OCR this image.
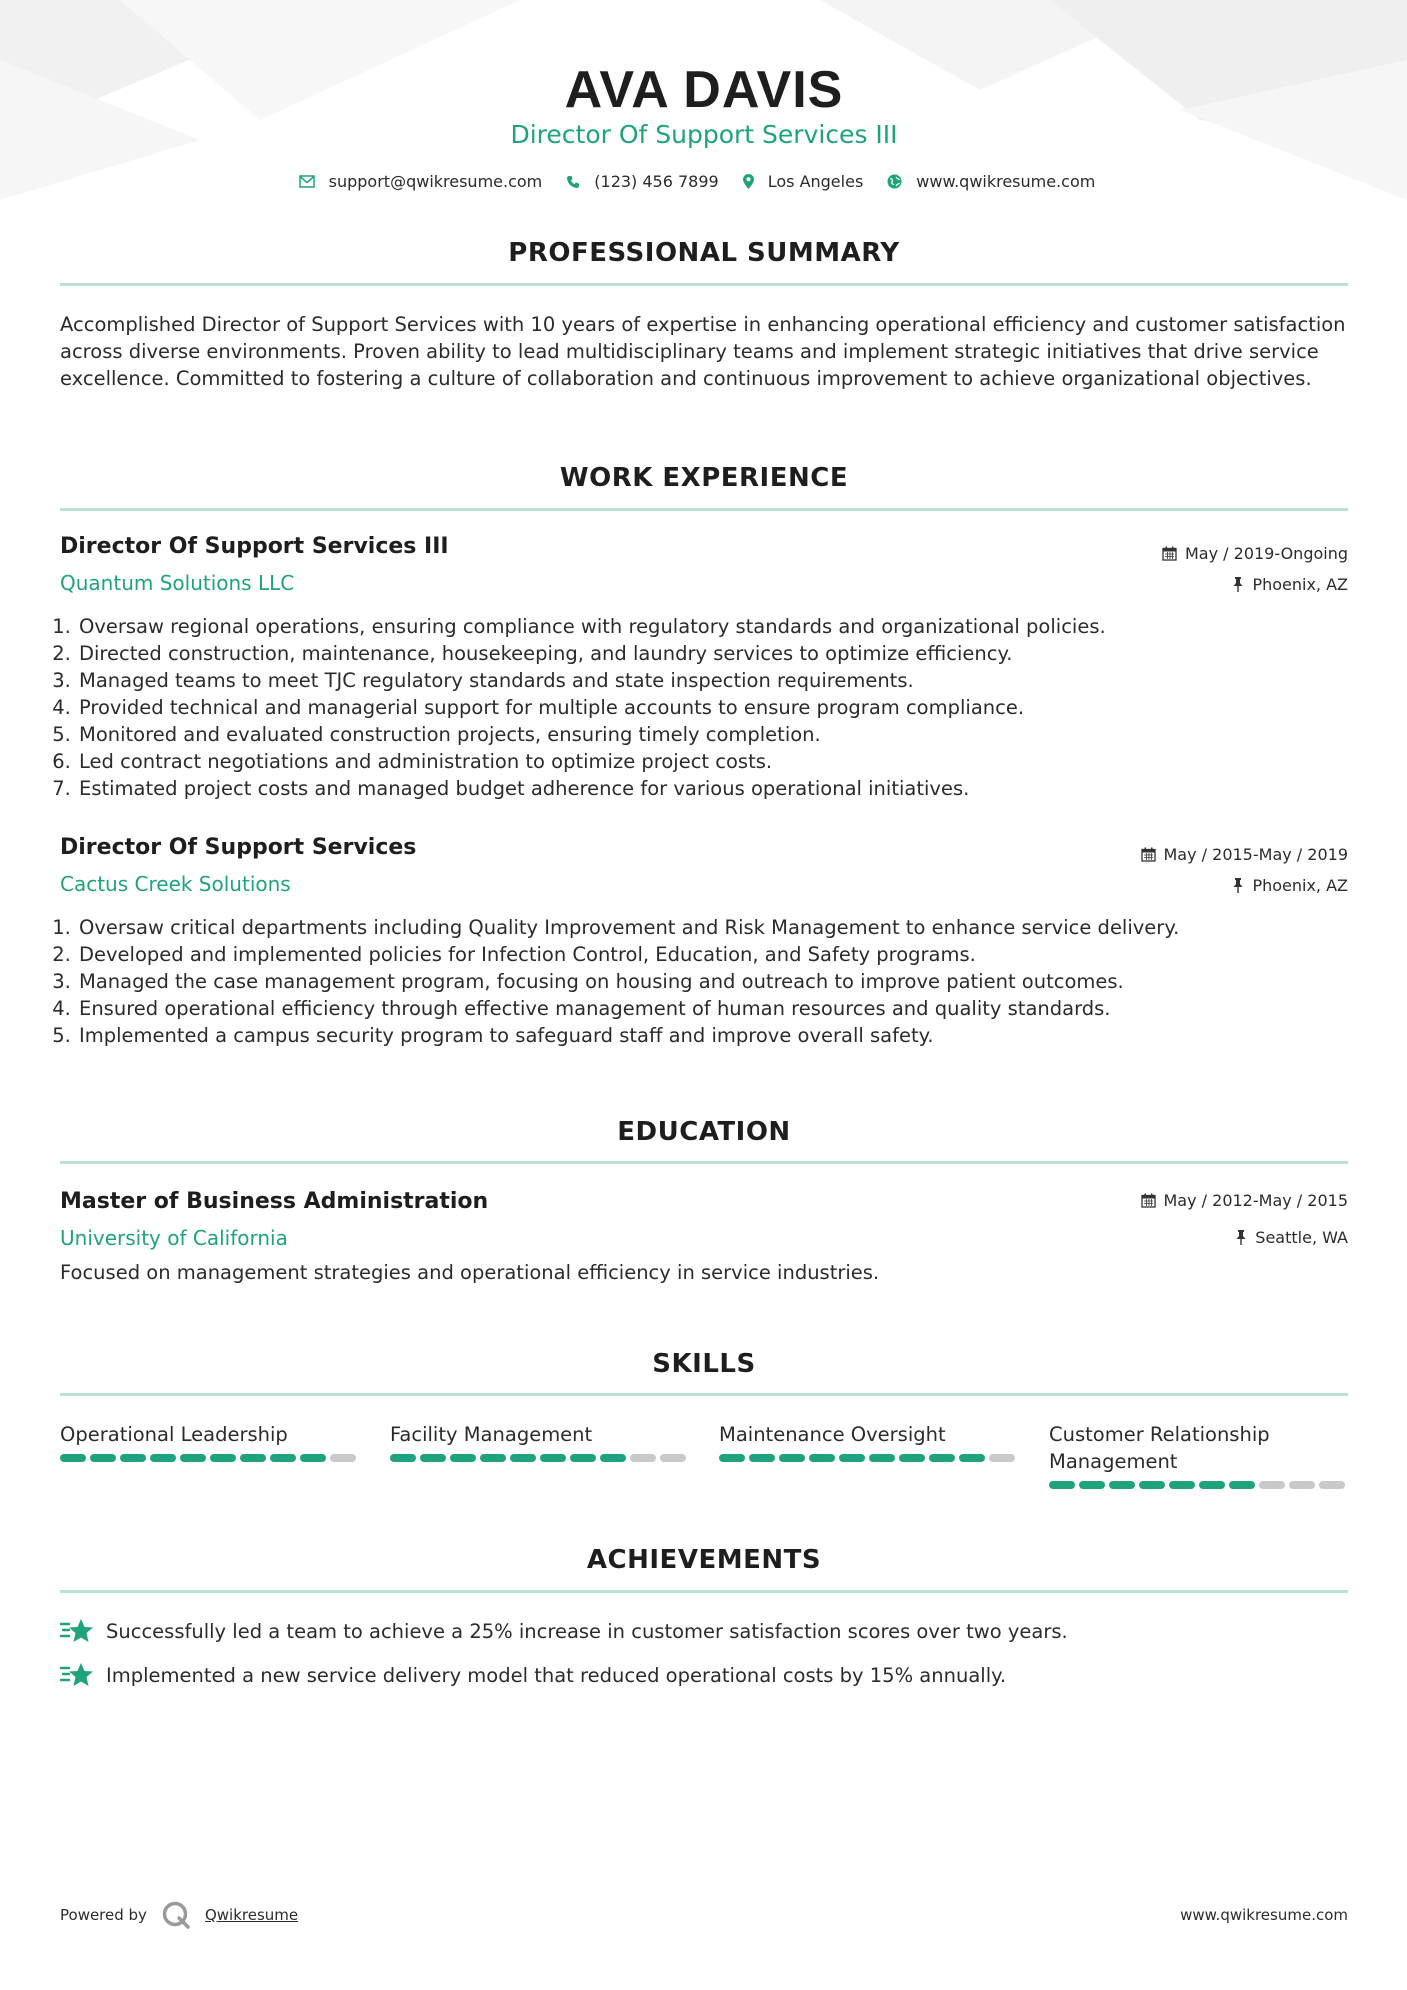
AVA DAVIS
Director Of Support Services III
support@qwikresume.com	(123) 456 7899	Los Angeles	www.qwikresume.com
PROFESSIONAL SUMMARY
Accomplished Director of Support Services with 10 years of expertise in enhancing operational efficiency and customer satisfaction across diverse environments. Proven ability to lead multidisciplinary teams and implement strategic initiatives that drive service excellence. Committed to fostering a culture of collaboration and continuous improvement to achieve organizational objectives.
WORK EXPERIENCE
Director Of Support Services III
Quantum Solutions LLC
May / 2019-Ongoing
Phoenix, AZ
1. Oversaw regional operations, ensuring compliance with regulatory standards and organizational policies.
2. Directed construction, maintenance, housekeeping, and laundry services to optimize efficiency.
3. Managed teams to meet TJC regulatory standards and state inspection requirements.
4. Provided technical and managerial support for multiple accounts to ensure program compliance.
5. Monitored and evaluated construction projects, ensuring timely completion.
6. Led contract negotiations and administration to optimize project costs.
7. Estimated project costs and managed budget adherence for various operational initiatives.
Director Of Support Services
Cactus Creek Solutions
May / 2015-May / 2019
Phoenix, AZ
1. Oversaw critical departments including Quality Improvement and Risk Management to enhance service delivery.
2. Developed and implemented policies for Infection Control, Education, and Safety programs.
3. Managed the case management program, focusing on housing and outreach to improve patient outcomes.
4. Ensured operational efficiency through effective management of human resources and quality standards.
5. Implemented a campus security program to safeguard staff and improve overall safety.
EDUCATION
Master of Business Administration
University of California
May / 2012-May / 2015
Seattle, WA
Focused on management strategies and operational efficiency in service industries.
SKILLS
Operational Leadership	Facility Management	Maintenance Oversight	Customer Relationship Management
ACHIEVEMENTS
Successfully led a team to achieve a 25% increase in customer satisfaction scores over two years.
Implemented a new service delivery model that reduced operational costs by 15% annually.
Powered by	Qwikresume	www.qwikresume.com
